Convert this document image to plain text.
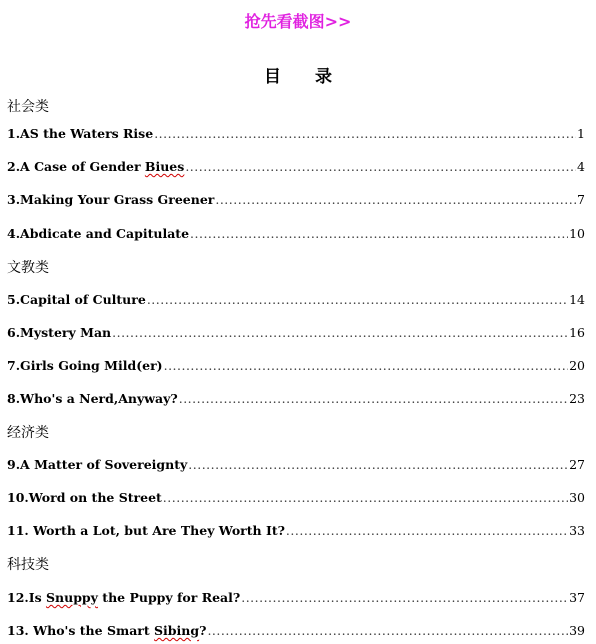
抢先看截图>>
目 录
社会类
1.AS the Waters Rise .....	1
2.A Case of Gender Biues .....	4
3.Making Your Grass Greener .....	7
4.Abdicate and Capitulate .....	10
文教类
5.Capital of Culture .....	14
6.Mystery Man .....	16
7.Girls Going Mild(er) .....	20
8.Who's a Nerd,Anyway? .....	23
经济类
9.A Matter of Sovereignty .....	27
10.Word on the Street .....	30
11. Worth a Lot, but Are They Worth It? .....	33
科技类
12.Is Snuppy the Puppy for Real? .....	37
13. Who's the Smart Sibing? .....	39
